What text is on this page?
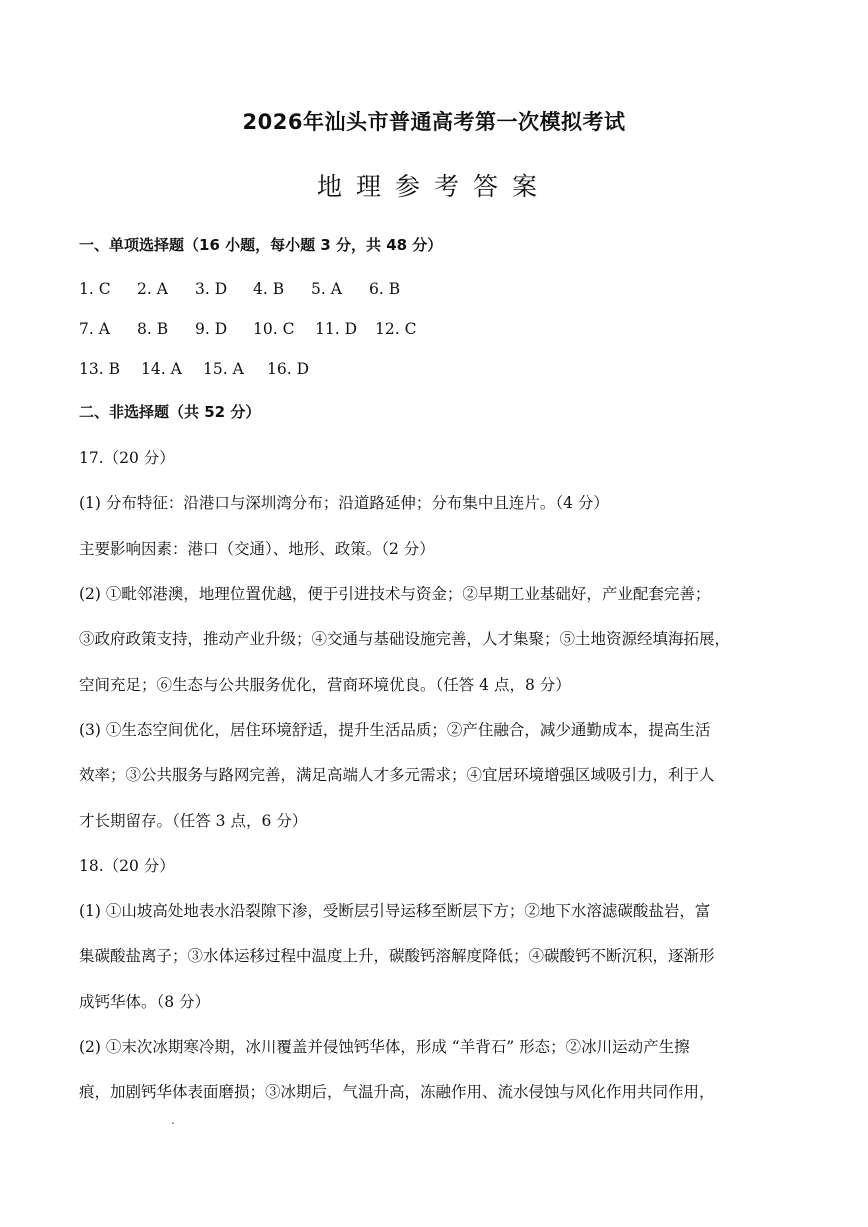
2026年汕头市普通高考第一次模拟考试
地理参考答案
一、单项选择题（16 小题，每小题 3 分，共 48 分）
1. C 2. A 3. D 4. B 5. A 6. B
7. A 8. B 9. D 10. C 11. D 12. C
13. B 14. A 15. A 16. D
二、非选择题（共 52 分）
17.（20 分）
(1) 分布特征：沿港口与深圳湾分布；沿道路延伸；分布集中且连片。（4 分）
主要影响因素：港口（交通）、地形、政策。（2 分）
(2) ①毗邻港澳，地理位置优越，便于引进技术与资金；②早期工业基础好，产业配套完善；
③政府政策支持，推动产业升级；④交通与基础设施完善，人才集聚；⑤土地资源经填海拓展，
空间充足；⑥生态与公共服务优化，营商环境优良。（任答 4 点，8 分）
(3) ①生态空间优化，居住环境舒适，提升生活品质；②产住融合，减少通勤成本，提高生活
效率；③公共服务与路网完善，满足高端人才多元需求；④宜居环境增强区域吸引力，利于人
才长期留存。（任答 3 点，6 分）
18.（20 分）
(1) ①山坡高处地表水沿裂隙下渗，受断层引导运移至断层下方；②地下水溶滤碳酸盐岩，富
集碳酸盐离子；③水体运移过程中温度上升，碳酸钙溶解度降低；④碳酸钙不断沉积，逐渐形
成钙华体。（8 分）
(2) ①末次冰期寒冷期，冰川覆盖并侵蚀钙华体，形成 “羊背石” 形态；②冰川运动产生擦
痕，加剧钙华体表面磨损；③冰期后，气温升高，冻融作用、流水侵蚀与风化作用共同作用，
